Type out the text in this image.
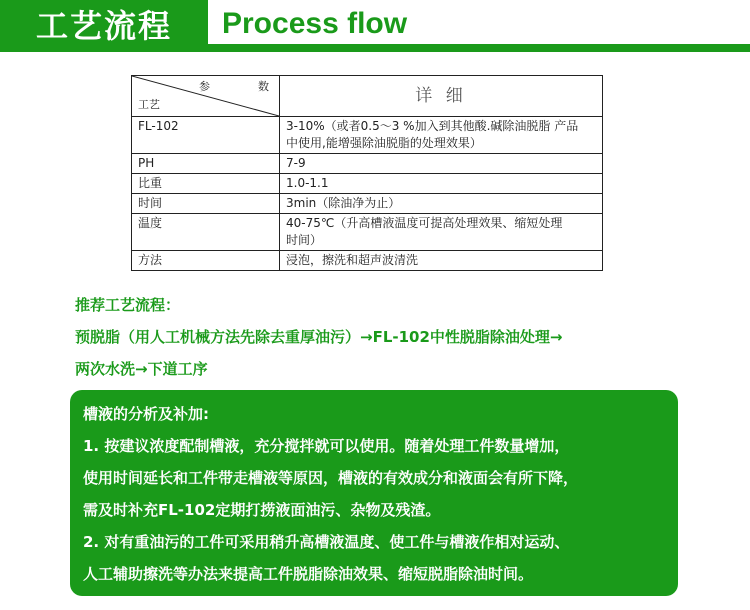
工艺流程	Process flow
参 数
工艺	详 细
FL-102	3-10%（或者0.5～3 %加入到其他酸.碱除油脱脂 产品
中使用,能增强除油脱脂的处理效果）

PH	7-9
比重	1.0-1.1
时间	3min（除油净为止）
温度	40-75℃（升高槽液温度可提高处理效果、缩短处理
时间）

方法	浸泡，擦洗和超声波清洗
推荐工艺流程：
预脱脂（用人工机械方法先除去重厚油污）→FL-102中性脱脂除油处理→
两次水洗→下道工序
槽液的分析及补加:
1. 按建议浓度配制槽液，充分搅拌就可以使用。随着处理工件数量增加，
使用时间延长和工件带走槽液等原因，槽液的有效成分和液面会有所下降，
需及时补充FL-102定期打捞液面油污、杂物及残渣。
2. 对有重油污的工件可采用稍升高槽液温度、使工件与槽液作相对运动、
人工辅助擦洗等办法来提高工件脱脂除油效果、缩短脱脂除油时间。
